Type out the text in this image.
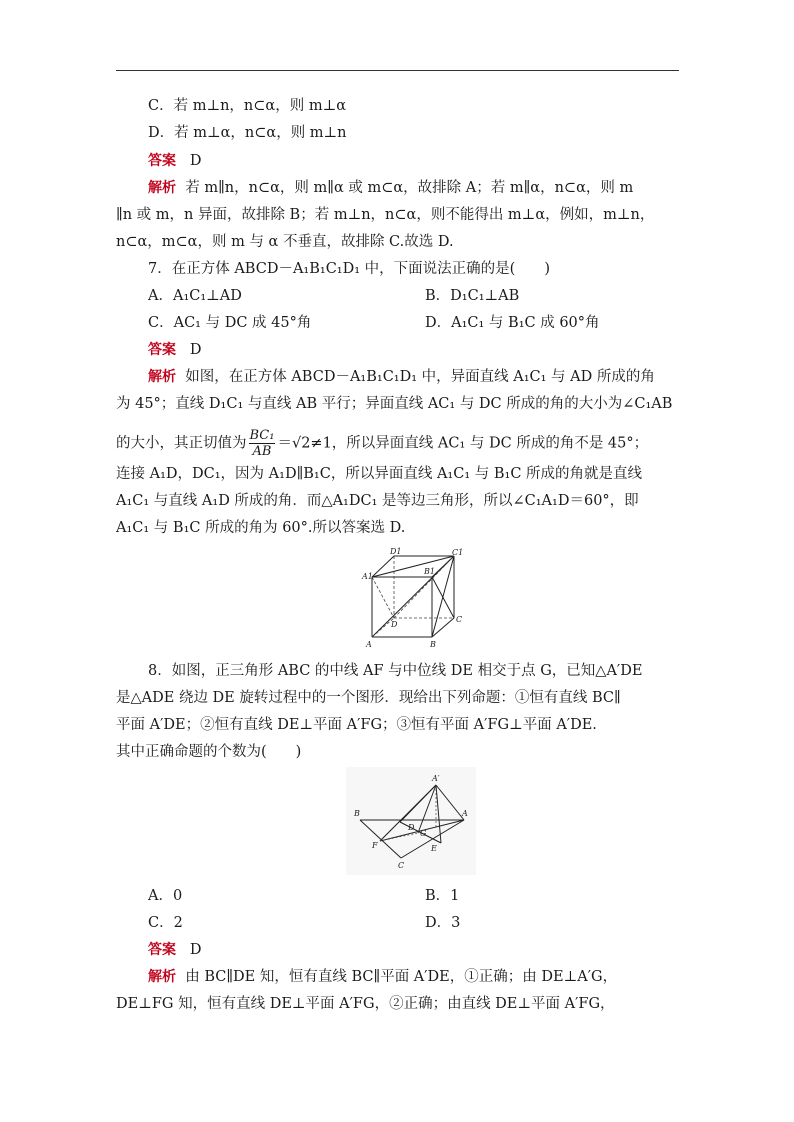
C．若 m⊥n，n⊂α，则 m⊥α
D．若 m⊥α，n⊂α，则 m⊥n
答案 D
解析 若 m∥n，n⊂α，则 m∥α 或 m⊂α，故排除 A；若 m∥α，n⊂α，则 m
∥n 或 m，n 异面，故排除 B；若 m⊥n，n⊂α，则不能得出 m⊥α，例如，m⊥n，
n⊂α，m⊂α，则 m 与 α 不垂直，故排除 C.故选 D.
7．在正方体 ABCD－A₁B₁C₁D₁ 中，下面说法正确的是(　　)
A．A₁C₁⊥AD	B．D₁C₁⊥AB
C．AC₁ 与 DC 成 45°角	D．A₁C₁ 与 B₁C 成 60°角
答案 D
解析 如图，在正方体 ABCD－A₁B₁C₁D₁ 中，异面直线 A₁C₁ 与 AD 所成的角
为 45°；直线 D₁C₁ 与直线 AB 平行；异面直线 AC₁ 与 DC 所成的角的大小为∠C₁AB
的大小，其正切值为 $\frac{\text{BC₁}}{AB} =√2\ne 1$，所以异面直线 AC₁ 与 DC 所成的角不是 45°；
连接 A₁D，DC₁，因为 A₁D∥B₁C，所以异面直线 A₁C₁ 与 B₁C 所成的角就是直线
A₁C₁ 与直线 A₁D 所成的角．而△A₁DC₁ 是等边三角形，所以∠C₁A₁D＝60°，即
A₁C₁ 与 B₁C 所成的角为 60°.所以答案选 D.
D1	C1
A1
B1
D
C
A	B
8．如图，正三角形 ABC 的中线 AF 与中位线 DE 相交于点 G，已知△A′DE
是△ADE 绕边 DE 旋转过程中的一个图形．现给出下列命题：①恒有直线 BC∥
平面 A′DE；②恒有直线 DE⊥平面 A′FG；③恒有平面 A′FG⊥平面 A′DE.
其中正确命题的个数为(　　)
A′
B	A
D
G
F	E
C
A．0	B．1
C．2	D．3
答案 D
解析 由 BC∥DE 知，恒有直线 BC∥平面 A′DE，①正确；由 DE⊥A′G，
DE⊥FG 知，恒有直线 DE⊥平面 A′FG，②正确；由直线 DE⊥平面 A′FG，
